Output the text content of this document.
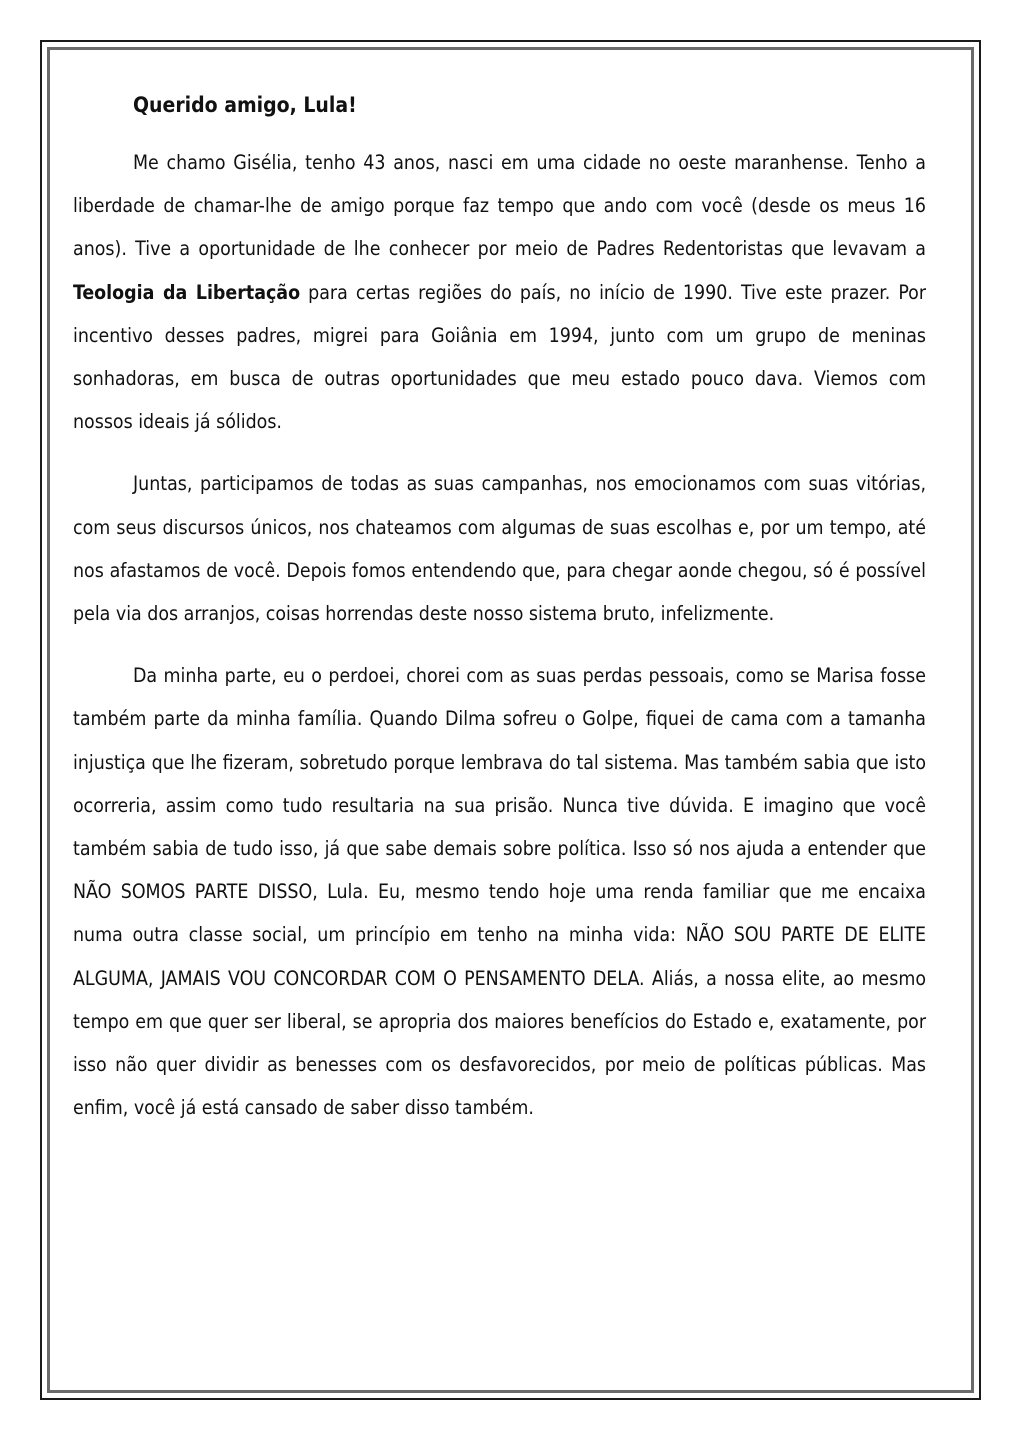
Querido amigo, Lula!

Me chamo Gisélia, tenho 43 anos, nasci em uma cidade no oeste maranhense. Tenho a liberdade de chamar-lhe de amigo porque faz tempo que ando com você (desde os meus 16 anos). Tive a oportunidade de lhe conhecer por meio de Padres Redentoristas que levavam a Teologia da Libertação para certas regiões do país, no início de 1990. Tive este prazer. Por incentivo desses padres, migrei para Goiânia em 1994, junto com um grupo de meninas sonhadoras, em busca de outras oportunidades que meu estado pouco dava. Viemos com nossos ideais já sólidos.

Juntas, participamos de todas as suas campanhas, nos emocionamos com suas vitórias, com seus discursos únicos, nos chateamos com algumas de suas escolhas e, por um tempo, até nos afastamos de você. Depois fomos entendendo que, para chegar aonde chegou, só é possível pela via dos arranjos, coisas horrendas deste nosso sistema bruto, infelizmente.

Da minha parte, eu o perdoei, chorei com as suas perdas pessoais, como se Marisa fosse também parte da minha família. Quando Dilma sofreu o Golpe, fiquei de cama com a tamanha injustiça que lhe fizeram, sobretudo porque lembrava do tal sistema. Mas também sabia que isto ocorreria, assim como tudo resultaria na sua prisão. Nunca tive dúvida. E imagino que você também sabia de tudo isso, já que sabe demais sobre política. Isso só nos ajuda a entender que NÃO SOMOS PARTE DISSO, Lula. Eu, mesmo tendo hoje uma renda familiar que me encaixa numa outra classe social, um princípio em tenho na minha vida: NÃO SOU PARTE DE ELITE ALGUMA, JAMAIS VOU CONCORDAR COM O PENSAMENTO DELA. Aliás, a nossa elite, ao mesmo tempo em que quer ser liberal, se apropria dos maiores benefícios do Estado e, exatamente, por isso não quer dividir as benesses com os desfavorecidos, por meio de políticas públicas. Mas enfim, você já está cansado de saber disso também.
